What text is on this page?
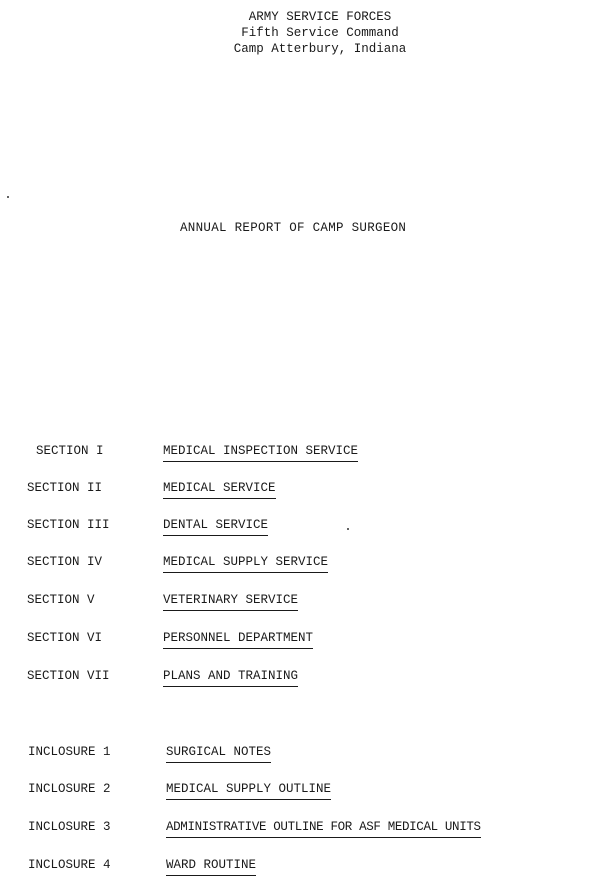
ARMY SERVICE FORCES
Fifth Service Command
Camp Atterbury, Indiana
ANNUAL REPORT OF CAMP SURGEON
SECTION I	MEDICAL INSPECTION SERVICE
SECTION II	MEDICAL SERVICE
SECTION III	DENTAL SERVICE
SECTION IV	MEDICAL SUPPLY SERVICE
SECTION V	VETERINARY SERVICE
SECTION VI	PERSONNEL DEPARTMENT
SECTION VII	PLANS AND TRAINING
INCLOSURE 1	SURGICAL NOTES
INCLOSURE 2	MEDICAL SUPPLY OUTLINE
INCLOSURE 3	ADMINISTRATIVE OUTLINE FOR ASF MEDICAL UNITS
INCLOSURE 4	WARD ROUTINE
